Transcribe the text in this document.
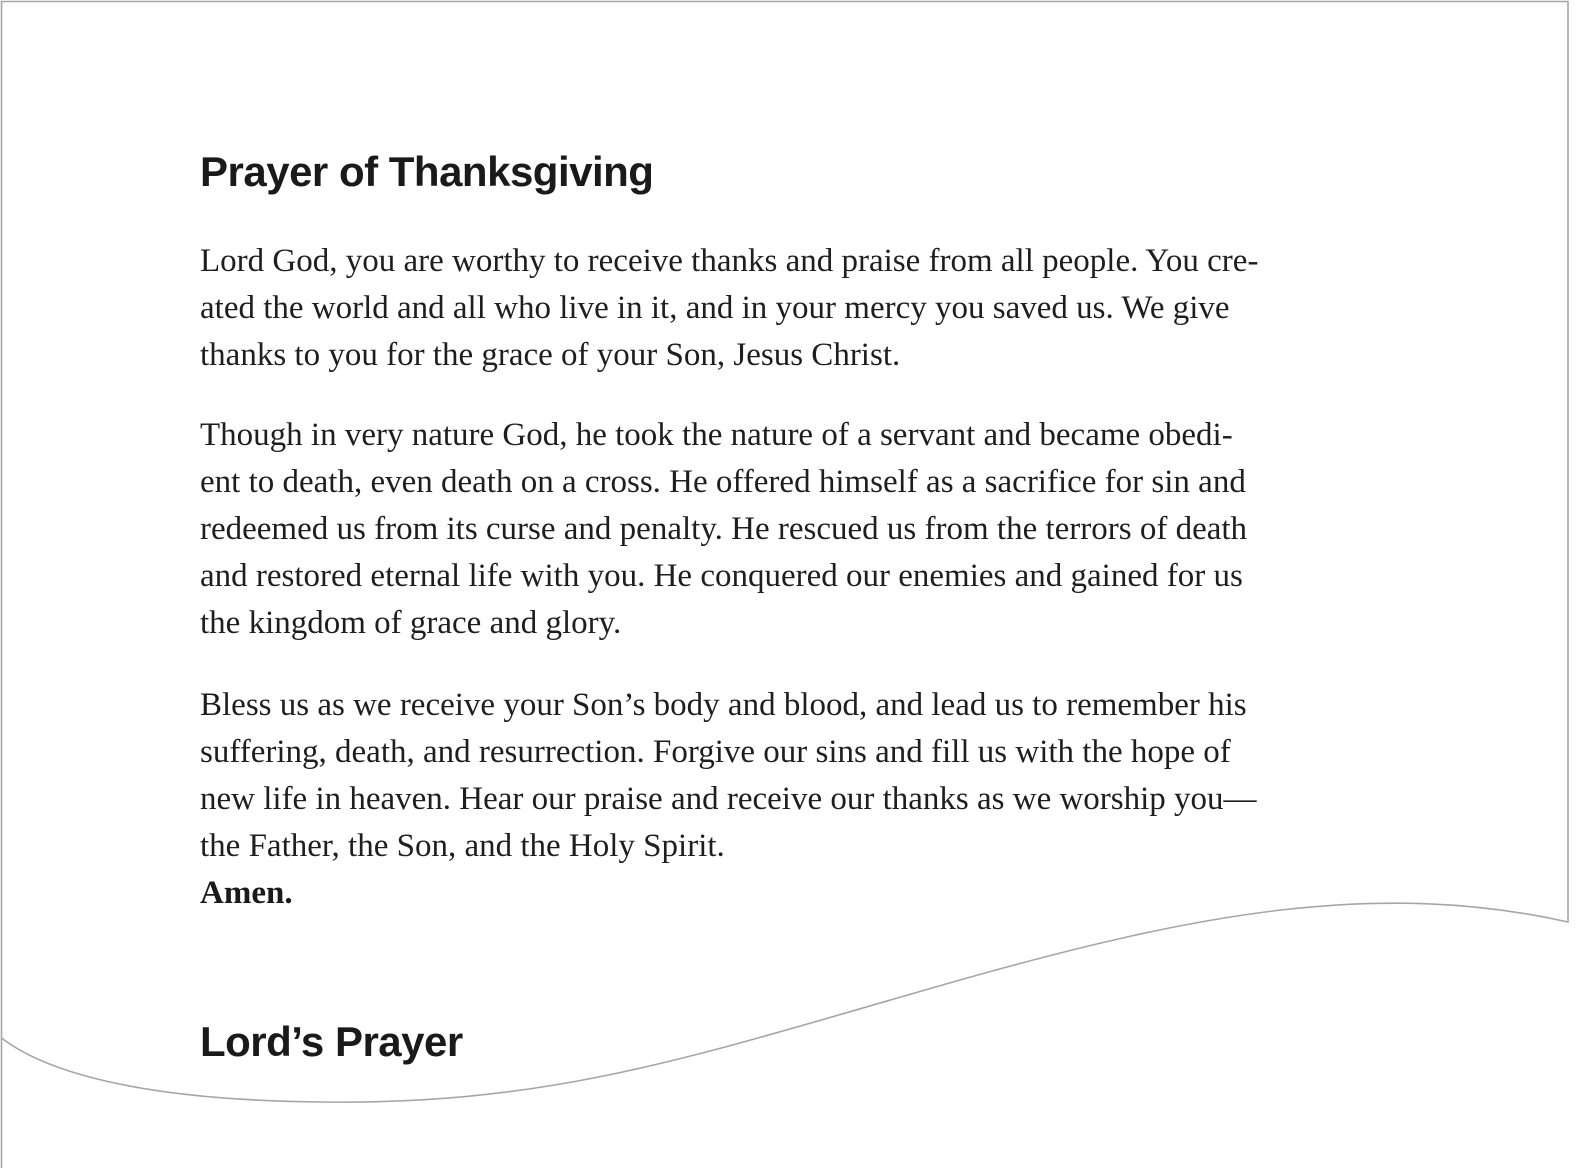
Prayer of Thanksgiving

Lord God, you are worthy to receive thanks and praise from all people. You cre-
ated the world and all who live in it, and in your mercy you saved us. We give
thanks to you for the grace of your Son, Jesus Christ.

Though in very nature God, he took the nature of a servant and became obedi-
ent to death, even death on a cross. He offered himself as a sacrifice for sin and
redeemed us from its curse and penalty. He rescued us from the terrors of death
and restored eternal life with you. He conquered our enemies and gained for us
the kingdom of grace and glory.

Bless us as we receive your Son’s body and blood, and lead us to remember his
suffering, death, and resurrection. Forgive our sins and fill us with the hope of
new life in heaven. Hear our praise and receive our thanks as we worship you—
the Father, the Son, and the Holy Spirit.

Amen.

Lord’s Prayer
